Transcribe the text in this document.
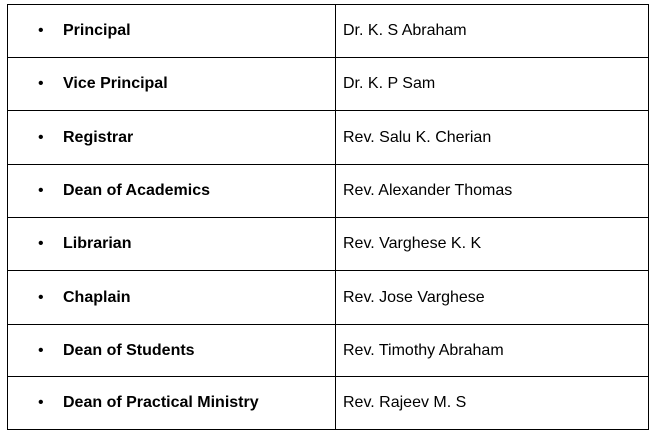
• Principal	Dr. K. S Abraham

• Vice Principal	Dr. K. P Sam

• Registrar	Rev. Salu K. Cherian

• Dean of Academics	Rev. Alexander Thomas

• Librarian	Rev. Varghese K. K

• Chaplain	Rev. Jose Varghese

• Dean of Students	Rev. Timothy Abraham

• Dean of Practical Ministry	Rev. Rajeev M. S
